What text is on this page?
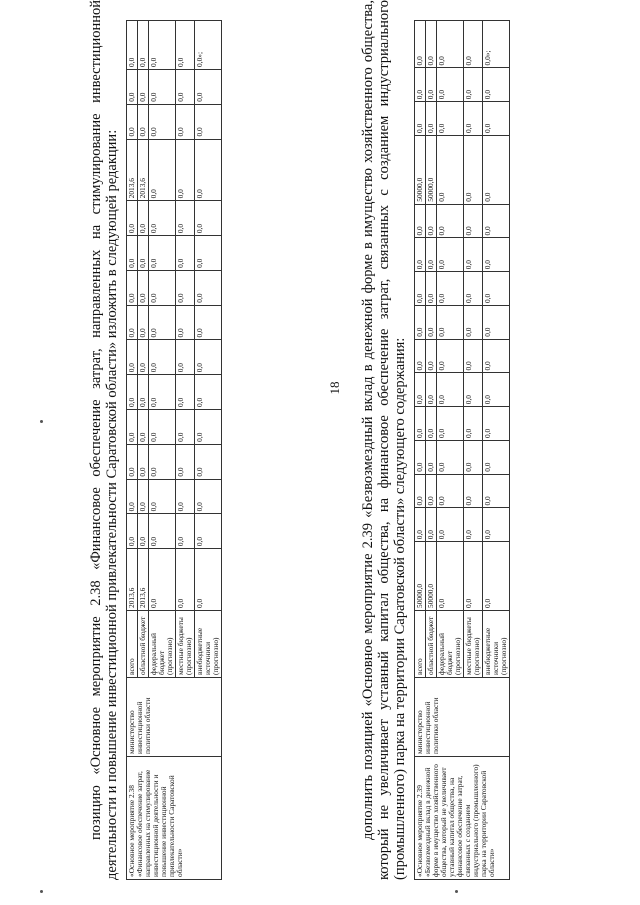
18

позицию «Основное мероприятие 2.38 «Финансовое обеспечение затрат, направленных на стимулирование инвестиционной деятельности и повышение инвестиционной привлекательности Саратовской области» изложить в следующей редакции: «Основное мероприятие 2.38 «Финансовое обеспечение затрат, направленных на стимулирование инвестиционной деятельности и повышение инвестиционной привлекательности Саратовской области»	министерство инвестиционной политики области	всего	2013,6	0,0	0,0	0,0	0,0	0,0	0,0	0,0	0,0	0,0	0,0	2013,6	0,0	0,0	0,0
		областной бюджет	2013,6	0,0	0,0	0,0	0,0	0,0	0,0	0,0	0,0	0,0	0,0	2013,6	0,0	0,0	0,0
		федеральный бюджет (прогнозно)	0,0	0,0	0,0	0,0	0,0	0,0	0,0	0,0	0,0	0,0	0,0	0,0	0,0	0,0	0,0
		местные бюджеты (прогнозно)	0,0	0,0	0,0	0,0	0,0	0,0	0,0	0,0	0,0	0,0	0,0	0,0	0,0	0,0	0,0
		внебюджетные источники (прогнозно)	0,0	0,0	0,0	0,0	0,0	0,0	0,0	0,0	0,0	0,0	0,0	0,0	0,0	0,0	0,0»;	дополнить позицией «Основное мероприятие 2.39 «Безвозмездный вклад в денежной форме в имущество хозяйственного общества, который не увеличивает уставный капитал общества, на финансовое обеспечение затрат, связанных с созданием индустриального (промышленного) парка на территории Саратовской области» следующего содержания: «Основное мероприятие 2.39 «Безвозмездный вклад в денежной форме в имущество хозяйственного общества, который не увеличивает уставный капитал общества, на финансовое обеспечение затрат, связанных с созданием индустриального (промышленного) парка на территории Саратовской области»	министерство инвестиционной политики области	всего	50000,0	0,0	0,0	0,0	0,0	0,0	0,0	0,0	0,0	0,0	0,0	50000,0	0,0	0,0	0,0
		областной бюджет	50000,0	0,0	0,0	0,0	0,0	0,0	0,0	0,0	0,0	0,0	0,0	50000,0	0,0	0,0	0,0
		федеральный бюджет (прогнозно)	0,0	0,0	0,0	0,0	0,0	0,0	0,0	0,0	0,0	0,0	0,0	0,0	0,0	0,0	0,0
		местные бюджеты (прогнозно)	0,0	0,0	0,0	0,0	0,0	0,0	0,0	0,0	0,0	0,0	0,0	0,0	0,0	0,0	0,0
		внебюджетные источники (прогнозно)	0,0	0,0	0,0	0,0	0,0	0,0	0,0	0,0	0,0	0,0	0,0	0,0	0,0	0,0	0,0»;
